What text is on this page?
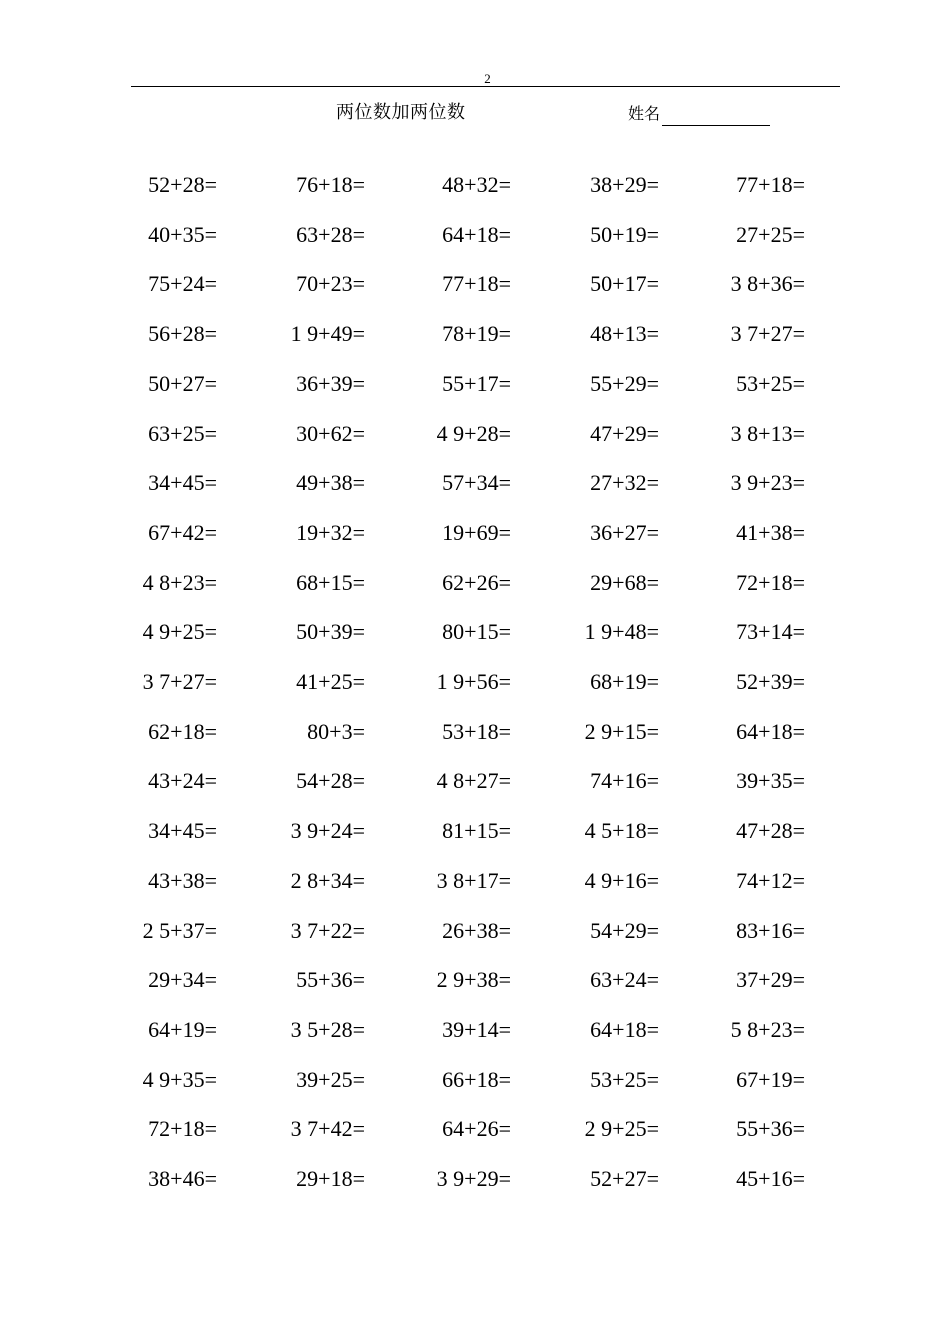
2
两位数加两位数	姓名
52+28=	76+18=	48+32=	38+29=	77+18=
40+35=	63+28=	64+18=	50+19=	27+25=
75+24=	70+23=	77+18=	50+17=	3 8+36=
56+28=	1 9+49=	78+19=	48+13=	3 7+27=
50+27=	36+39=	55+17=	55+29=	53+25=
63+25=	30+62=	4 9+28=	47+29=	3 8+13=
34+45=	49+38=	57+34=	27+32=	3 9+23=
67+42=	19+32=	19+69=	36+27=	41+38=
4 8+23=	68+15=	62+26=	29+68=	72+18=
4 9+25=	50+39=	80+15=	1 9+48=	73+14=
3 7+27=	41+25=	1 9+56=	68+19=	52+39=
62+18=	80+3=	53+18=	2 9+15=	64+18=
43+24=	54+28=	4 8+27=	74+16=	39+35=
34+45=	3 9+24=	81+15=	4 5+18=	47+28=
43+38=	2 8+34=	3 8+17=	4 9+16=	74+12=
2 5+37=	3 7+22=	26+38=	54+29=	83+16=
29+34=	55+36=	2 9+38=	63+24=	37+29=
64+19=	3 5+28=	39+14=	64+18=	5 8+23=
4 9+35=	39+25=	66+18=	53+25=	67+19=
72+18=	3 7+42=	64+26=	2 9+25=	55+36=
38+46=	29+18=	3 9+29=	52+27=	45+16=
